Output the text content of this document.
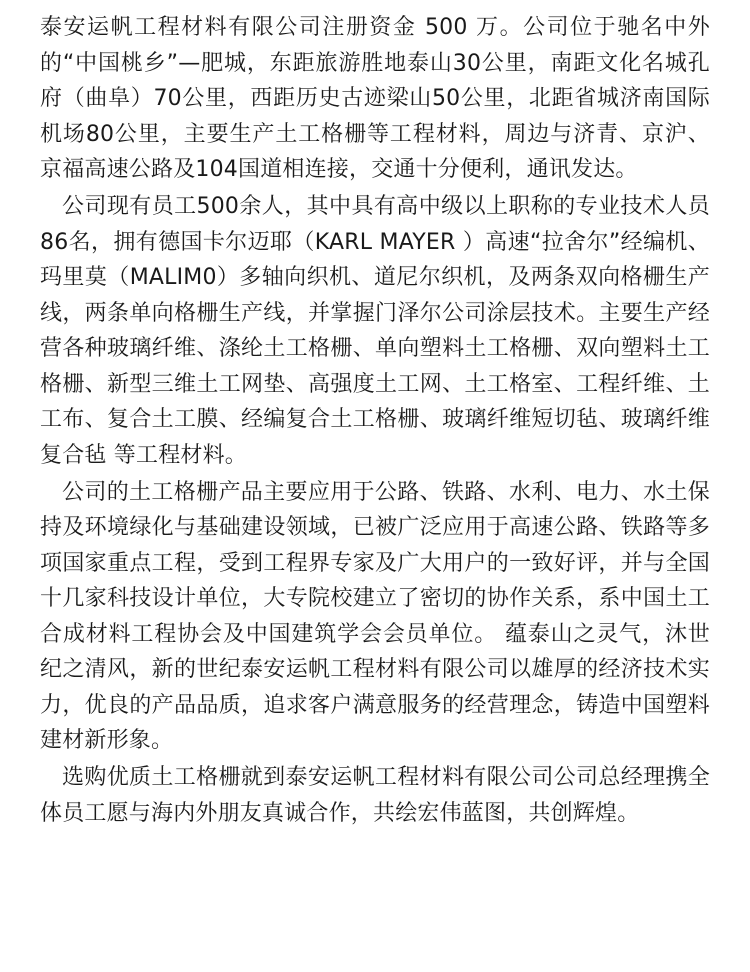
泰安运帆工程材料有限公司注册资金 500 万。公司位于驰名中外的“中国桃乡”—肥城，东距旅游胜地泰山30公里，南距文化名城孔府（曲阜）70公里，西距历史古迹梁山50公里，北距省城济南国际机场80公里，主要生产土工格栅等工程材料，周边与济青、京沪、京福高速公路及104国道相连接，交通十分便利，通讯发达。

公司现有员工500余人，其中具有高中级以上职称的专业技术人员86名，拥有德国卡尔迈耶（KARL MAYER ）高速“拉舍尔”经编机、玛里莫（MALIM0）多轴向织机、道尼尔织机，及两条双向格栅生产线，两条单向格栅生产线，并掌握门泽尔公司涂层技术。主要生产经营各种玻璃纤维、涤纶土工格栅、单向塑料土工格栅、双向塑料土工格栅、新型三维土工网垫、高强度土工网、土工格室、工程纤维、土工布、复合土工膜、经编复合土工格栅、玻璃纤维短切毡、玻璃纤维复合毡 等工程材料。

公司的土工格栅产品主要应用于公路、铁路、水利、电力、水土保持及环境绿化与基础建设领域，已被广泛应用于高速公路、铁路等多项国家重点工程，受到工程界专家及广大用户的一致好评，并与全国十几家科技设计单位，大专院校建立了密切的协作关系，系中国土工合成材料工程协会及中国建筑学会会员单位。 蕴泰山之灵气，沐世纪之清风，新的世纪泰安运帆工程材料有限公司以雄厚的经济技术实力，优良的产品品质，追求客户满意服务的经营理念，铸造中国塑料建材新形象。

选购优质土工格栅就到泰安运帆工程材料有限公司公司总经理携全体员工愿与海内外朋友真诚合作，共绘宏伟蓝图，共创辉煌。
